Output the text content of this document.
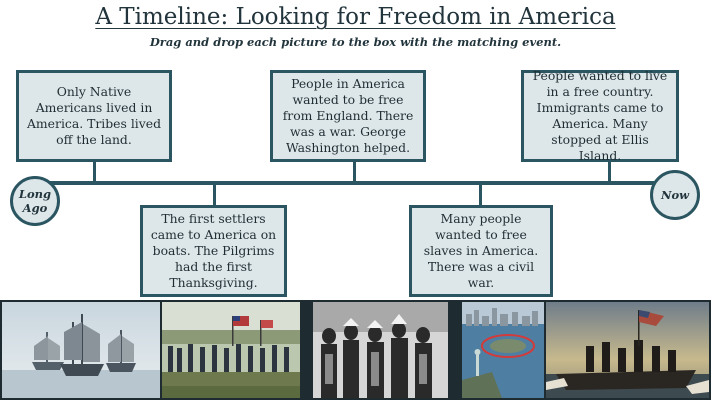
A Timeline: Looking for Freedom in America
Drag and drop each picture to the box with the matching event.
Long Ago
Now
Only Native Americans lived in America. Tribes lived off the land.
The first settlers came to America on boats. The Pilgrims had the first Thanksgiving.
People in America wanted to be free from England. There was a war. George Washington helped.
Many people wanted to free slaves in America. There was a civil war.
People wanted to live in a free country. Immigrants came to America. Many stopped at Ellis Island.
